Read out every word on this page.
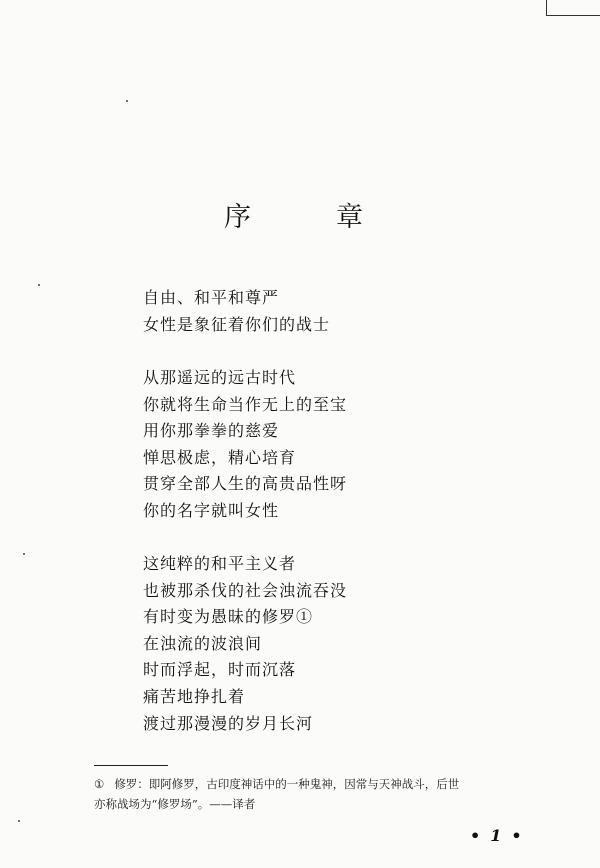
序	章
自由、和平和尊严
女性是象征着你们的战士
从那遥远的远古时代
你就将生命当作无上的至宝
用你那拳拳的慈爱
惮思极虑，精心培育
贯穿全部人生的高贵品性呀
你的名字就叫女性
这纯粹的和平主义者
也被那杀伐的社会浊流吞没
有时变为愚昧的修罗①
在浊流的波浪间
时而浮起，时而沉落
痛苦地挣扎着
渡过那漫漫的岁月长河
① 修罗：即阿修罗，古印度神话中的一种鬼神，因常与天神战斗，后世
亦称战场为“修罗场”。——译者
• 1 •
